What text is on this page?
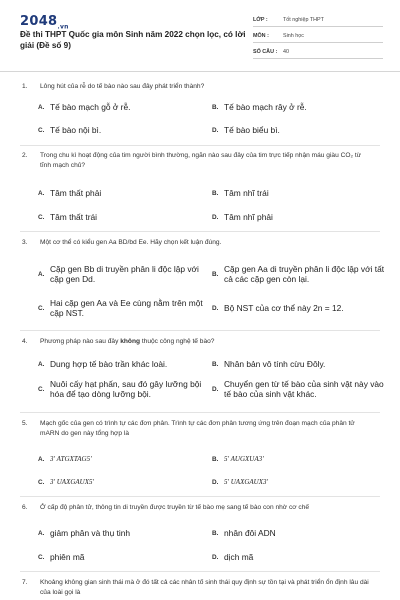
$2048_{.vn}$
Đề thi THPT Quốc gia môn Sinh năm 2022 chọn lọc, có lời giải (Đề số 9)
LỚP :	Tốt nghiệp THPT
MÔN :	Sinh học
SỐ CÂU :	40
1. Lông hút của rễ do tế bào nào sau đây phát triển thành?
A. Tế bào mạch gỗ ở rễ.	B. Tế bào mạch rây ở rễ.
C. Tế bào nội bì.	D. Tế bào biểu bì.
2. Trong chu kì hoạt động của tim người bình thường, ngăn nào sau đây của tim trực tiếp nhận máu giàu CO₂ từ tĩnh mạch chủ?
A. Tâm thất phải	B. Tâm nhĩ trái
C. Tâm thất trái	D. Tâm nhĩ phải
3. Một cơ thể có kiểu gen Aa BD/bd Ee. Hãy chọn kết luận đúng.
A. Cặp gen Bb di truyền phân li độc lập với cặp gen Dd.	B. Cặp gen Aa di truyền phân li độc lập với tất cả các cặp gen còn lại.
C. Hai cặp gen Aa và Ee cùng nằm trên một cặp NST.	D. Bộ NST của cơ thể này 2n = 12.
4. Phương pháp nào sau đây không thuộc công nghệ tế bào?
A. Dung hợp tế bào trần khác loài.	B. Nhân bản vô tính cừu Đôly.
C. Nuôi cấy hạt phấn, sau đó gây lưỡng bội hóa để tạo dòng lưỡng bội.	D. Chuyển gen từ tế bào của sinh vật này vào tế bào của sinh vật khác.
5. Mạch gốc của gen có trình tự các đơn phân. Trình tự các đơn phân tương ứng trên đoạn mạch của phân tử mARN do gen này tổng hợp là
A. 3' ATGXTAG5'	B. 5' AUGXUA3'
C. 3' UAXGAUX5'	D. 5' UAXGAUX3'
6. Ở cấp độ phân tử, thông tin di truyền được truyền từ tế bào mẹ sang tế bào con nhờ cơ chế
A. giảm phân và thụ tinh	B. nhân đôi ADN
C. phiên mã	D. dịch mã
7. Khoảng không gian sinh thái mà ở đó tất cả các nhân tố sinh thái quy định sự tồn tại và phát triển ổn định lâu dài của loài gọi là
